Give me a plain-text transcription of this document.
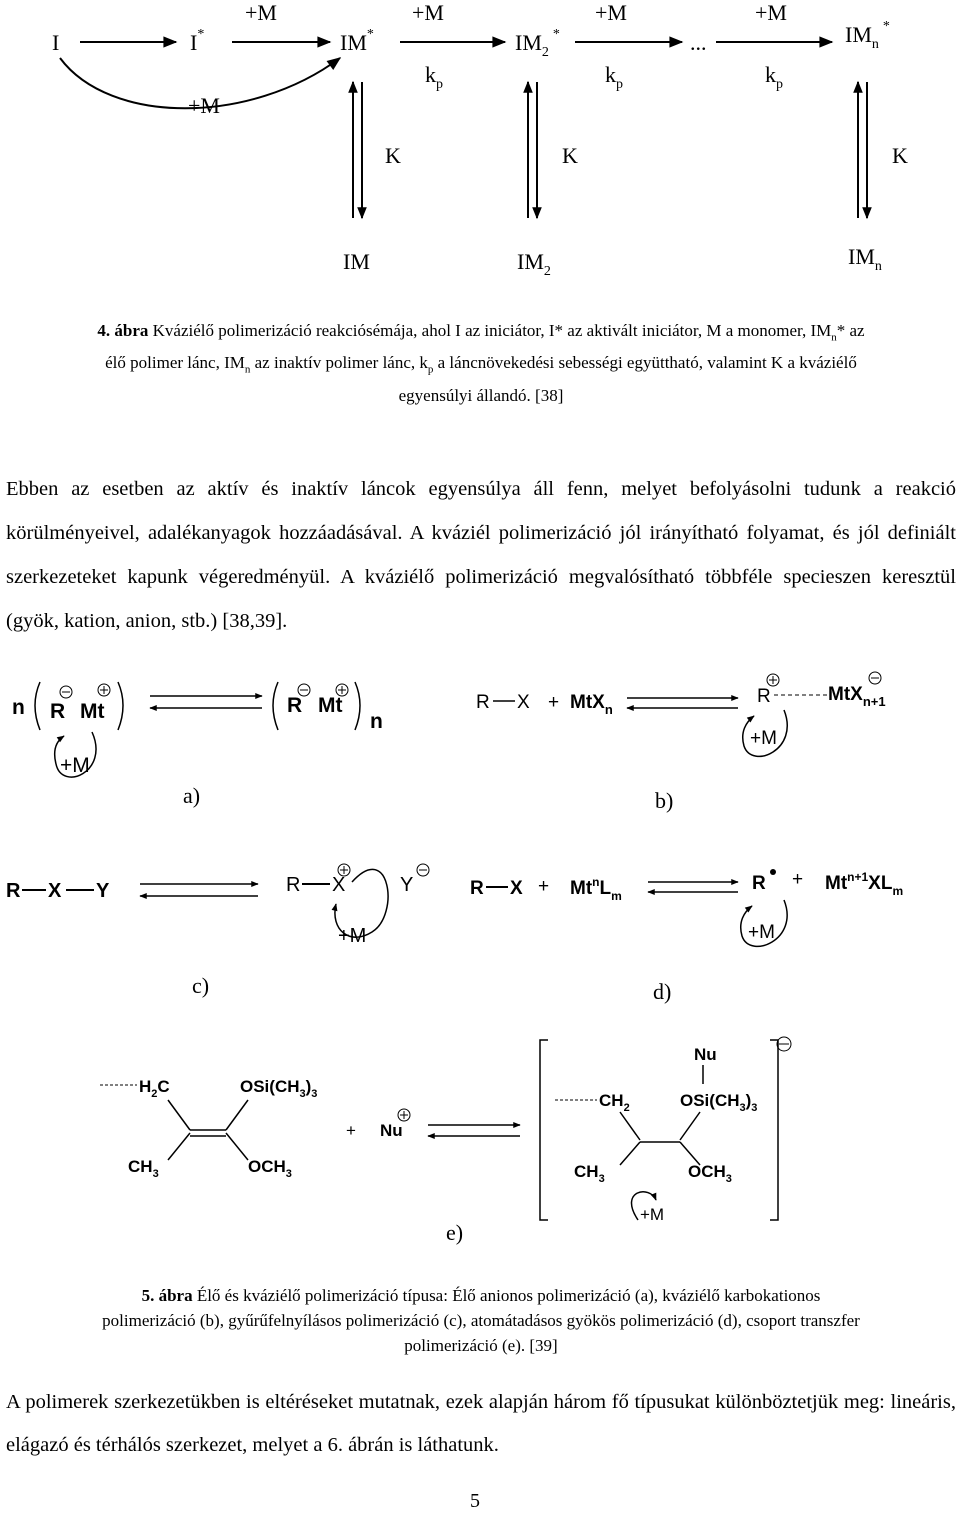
I	I*
+M
IM*
+M
$k_p$
$IM_2^*$
+M
$k_p$
...
+M
$k_p$
$IM_n^*$
+M
K	K	K
IM	$IM_2$
$IM_n$
4. ábra Kváziélő polimerizáció reakciósémája, ahol I az iniciátor, I* az aktivált iniciátor, M a monomer, $IM_n*$ az
élő polimer lánc, $IM_n$ az inaktív polimer lánc, $k_p$ a láncnövekedési sebességi együttható, valamint K a kváziélő
egyensúlyi állandó. [38]
Ebben az esetben az aktív és inaktív láncok egyensúlya áll fenn, melyet befolyásolni tudunk a reakció körülményeivel, adalékanyagok hozzáadásával. A kváziél polimerizáció jól irányítható folyamat, és jól definiált szerkezeteket kapunk végeredményül. A kváziélő polimerizáció megvalósítható többféle specieszen keresztül (gyök, kation, anion, stb.) [38,39].
n R Mt	R Mt
n
+M
a)
R X + MtX$_n$
R	MtX$_{n+1}$
+M
b)
R X Y	R X	Y
+M
c)
R $X + Mt^nL_m$
$R + Mt^{n+1}XL_m$
+M
d)
$H_2C$	$OSi(CH_3)_3$
$CH_3$	$OCH_3$
+ Nu
Nu
$CH_2$	$OSi(CH_3)_3$
$CH_3$	$OCH_3$
+M
e)
5. ábra Élő és kváziélő polimerizáció típusa: Élő anionos polimerizáció (a), kváziélő karbokationos
polimerizáció (b), gyűrűfelnyílásos polimerizáció (c), atomátadásos gyökös polimerizáció (d), csoport transzfer
polimerizáció (e). [39]
A polimerek szerkezetükben is eltéréseket mutatnak, ezek alapján három fő típusukat különböztetjük meg: lineáris, elágazó és térhálós szerkezet, melyet a 6. ábrán is láthatunk.
5
